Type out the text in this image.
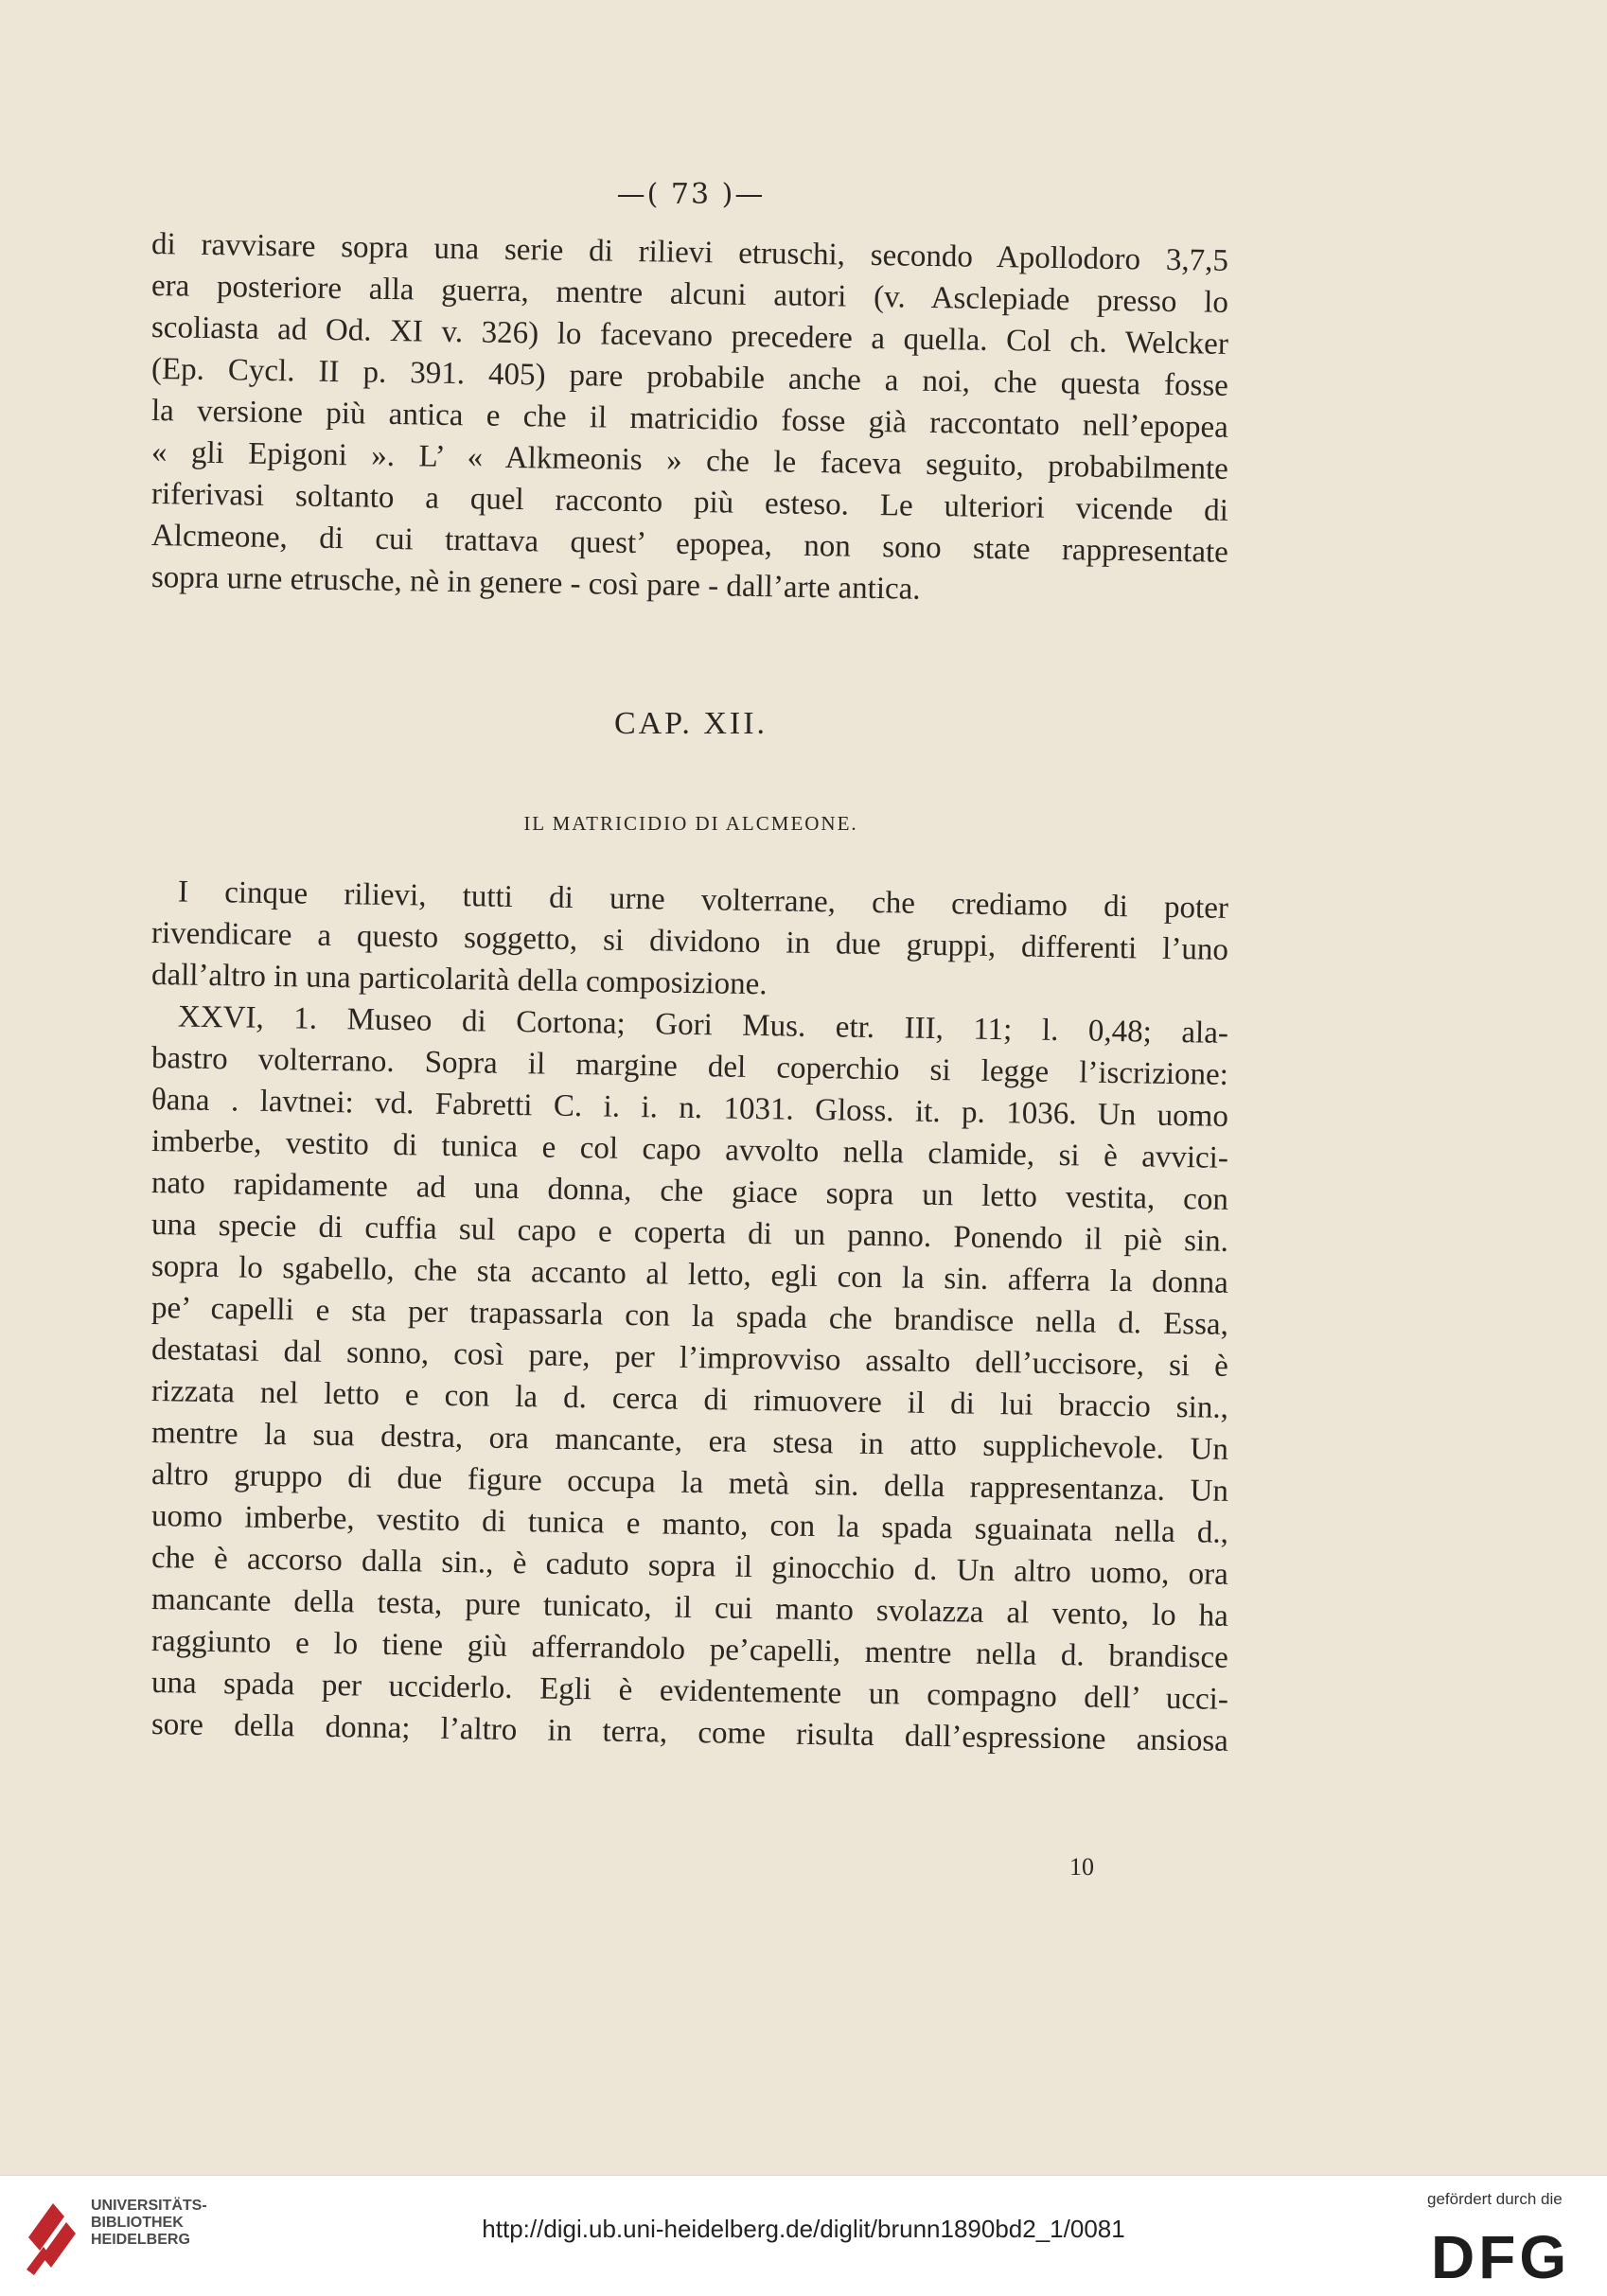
—( 73 )—
di ravvisare sopra una serie di rilievi etruschi, secondo Apollodoro 3,7,5
era posteriore alla guerra, mentre alcuni autori (v. Asclepiade presso lo
scoliasta ad Od. XI v. 326) lo facevano precedere a quella. Col ch. Welcker
(Ep. Cycl. II p. 391. 405) pare probabile anche a noi, che questa fosse
la versione più antica e che il matricidio fosse già raccontato nell’epopea
« gli Epigoni ». L’ « Alkmeonis » che le faceva seguito, probabilmente
riferivasi soltanto a quel racconto più esteso. Le ulteriori vicende di
Alcmeone, di cui trattava quest’ epopea, non sono state rappresentate
sopra urne etrusche, nè in genere - così pare - dall’arte antica.
CAP. XII.
IL MATRICIDIO DI ALCMEONE.
I cinque rilievi, tutti di urne volterrane, che crediamo di poter
rivendicare a questo soggetto, si dividono in due gruppi, differenti l’uno
dall’altro in una particolarità della composizione.
XXVI, 1. Museo di Cortona; Gori Mus. etr. III, 11; l. 0,48; ala-
bastro volterrano. Sopra il margine del coperchio si legge l’iscrizione:
θana . lavtnei: vd. Fabretti C. i. i. n. 1031. Gloss. it. p. 1036. Un uomo
imberbe, vestito di tunica e col capo avvolto nella clamide, si è avvici-
nato rapidamente ad una donna, che giace sopra un letto vestita, con
una specie di cuffia sul capo e coperta di un panno. Ponendo il piè sin.
sopra lo sgabello, che sta accanto al letto, egli con la sin. afferra la donna
pe’ capelli e sta per trapassarla con la spada che brandisce nella d. Essa,
destatasi dal sonno, così pare, per l’improvviso assalto dell’uccisore, si è
rizzata nel letto e con la d. cerca di rimuovere il di lui braccio sin.,
mentre la sua destra, ora mancante, era stesa in atto supplichevole. Un
altro gruppo di due figure occupa la metà sin. della rappresentanza. Un
uomo imberbe, vestito di tunica e manto, con la spada sguainata nella d.,
che è accorso dalla sin., è caduto sopra il ginocchio d. Un altro uomo, ora
mancante della testa, pure tunicato, il cui manto svolazza al vento, lo ha
raggiunto e lo tiene giù afferrandolo pe’capelli, mentre nella d. brandisce
una spada per ucciderlo. Egli è evidentemente un compagno dell’ ucci-
sore della donna; l’altro in terra, come risulta dall’espressione ansiosa
10
UNIVERSITÄTS-
BIBLIOTHEK
HEIDELBERG	http://digi.ub.uni-heidelberg.de/diglit/brunn1890bd2_1/0081
gefördert durch die
DFG
